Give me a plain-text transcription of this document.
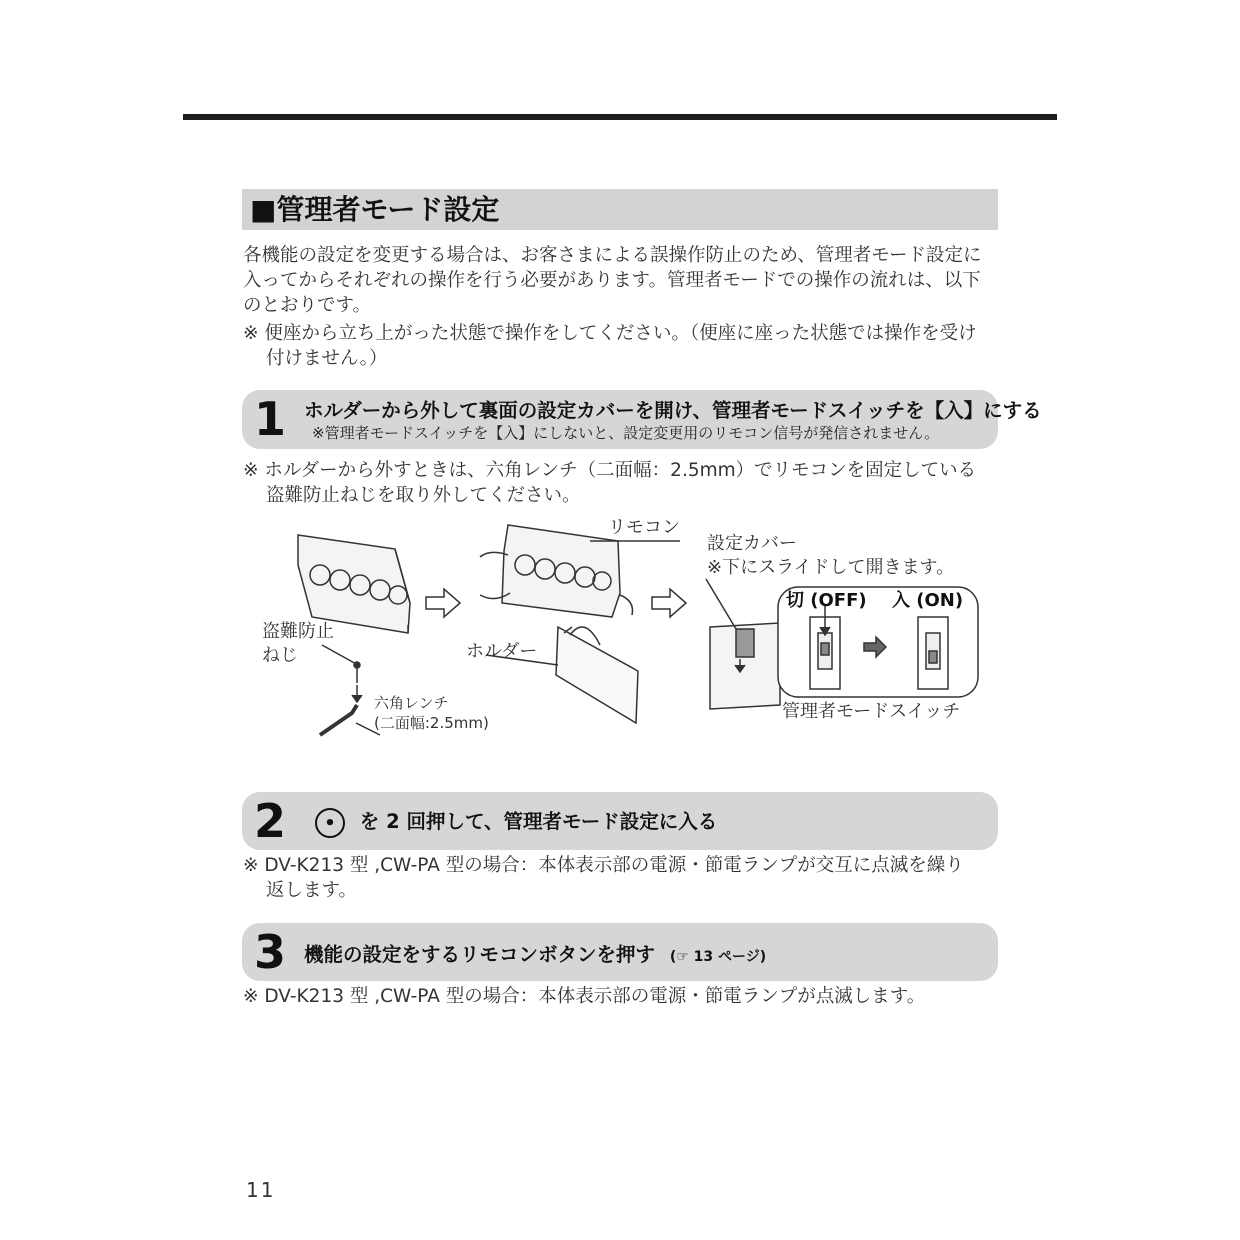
■管理者モード設定
各機能の設定を変更する場合は、お客さまによる誤操作防止のため、管理者モード設定に
入ってからそれぞれの操作を行う必要があります。管理者モードでの操作の流れは、以下
のとおりです。
※ 便座から立ち上がった状態で操作をしてください。（便座に座った状態では操作を受け
付けません。）
1 ホルダーから外して裏面の設定カバーを開け、管理者モードスイッチを【入】にする
※管理者モードスイッチを【入】にしないと、設定変更用のリモコン信号が発信されません。
※ ホルダーから外すときは、六角レンチ（二面幅：2.5mm）でリモコンを固定している
盗難防止ねじを取り外してください。
盗難防止
ねじ
六角レンチ
(二面幅:2.5mm)
リモコン
ホルダー
設定カバー
※下にスライドして開きます。
切 (OFF) 入 (ON)
管理者モードスイッチ
2	• を 2 回押して、管理者モード設定に入る
※ DV-K213 型 ,CW-PA 型の場合：本体表示部の電源・節電ランプが交互に点滅を繰り
返します。
3 機能の設定をするリモコンボタンを押す (☞ 13 ページ)
※ DV-K213 型 ,CW-PA 型の場合：本体表示部の電源・節電ランプが点滅します。
11
